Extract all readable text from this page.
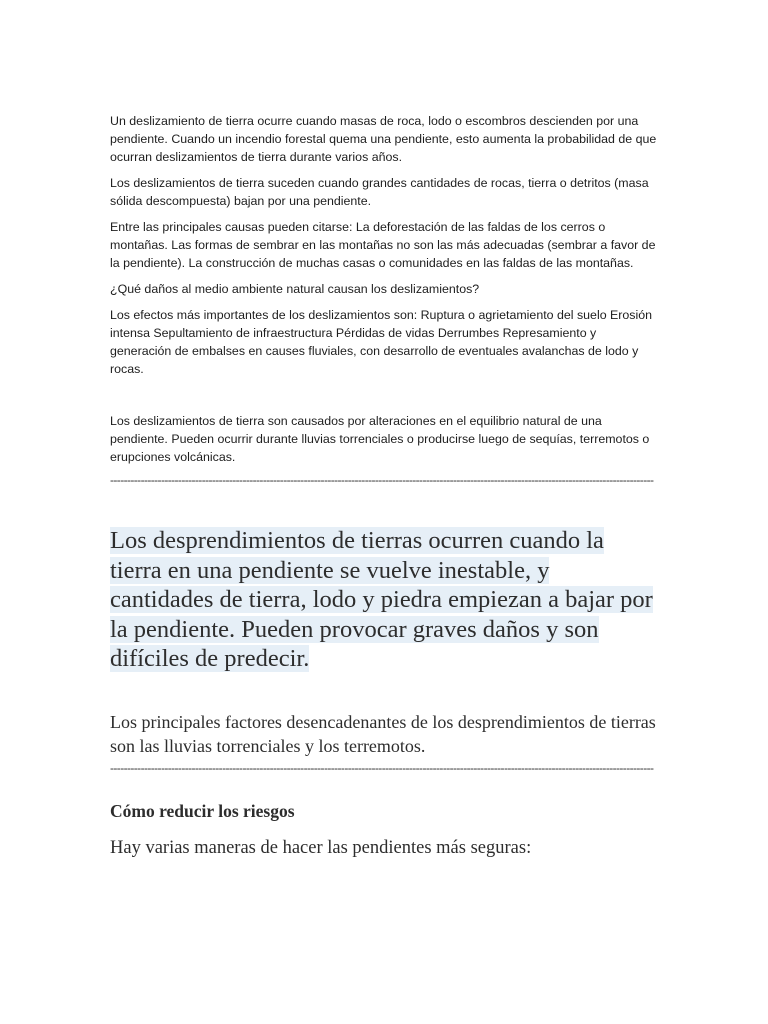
Un deslizamiento de tierra ocurre cuando masas de roca, lodo o escombros descienden por una pendiente. Cuando un incendio forestal quema una pendiente, esto aumenta la probabilidad de que ocurran deslizamientos de tierra durante varios años.

Los deslizamientos de tierra suceden cuando grandes cantidades de rocas, tierra o detritos (masa sólida descompuesta) bajan por una pendiente.

Entre las principales causas pueden citarse: La deforestación de las faldas de los cerros o montañas. Las formas de sembrar en las montañas no son las más adecuadas (sembrar a favor de la pendiente). La construcción de muchas casas o comunidades en las faldas de las montañas.

¿Qué daños al medio ambiente natural causan los deslizamientos?

Los efectos más importantes de los deslizamientos son: Ruptura o agrietamiento del suelo Erosión intensa Sepultamiento de infraestructura Pérdidas de vidas Derrumbes Represamiento y generación de embalses en causes fluviales, con desarrollo de eventuales avalanchas de lodo y rocas.

Los deslizamientos de tierra son causados por alteraciones en el equilibrio natural de una pendiente. Pueden ocurrir durante lluvias torrenciales o producirse luego de sequías, terremotos o erupciones volcánicas.

----------------------------------------------------------------------------------------------------------------------------------------------------------------

Los desprendimientos de tierras ocurren cuando la tierra en una pendiente se vuelve inestable, y cantidades de tierra, lodo y piedra empiezan a bajar por la pendiente. Pueden provocar graves daños y son difíciles de predecir.

Los principales factores desencadenantes de los desprendimientos de tierras son las lluvias torrenciales y los terremotos.

----------------------------------------------------------------------------------------------------------------------------------------------------------------

Cómo reducir los riesgos

Hay varias maneras de hacer las pendientes más seguras:
